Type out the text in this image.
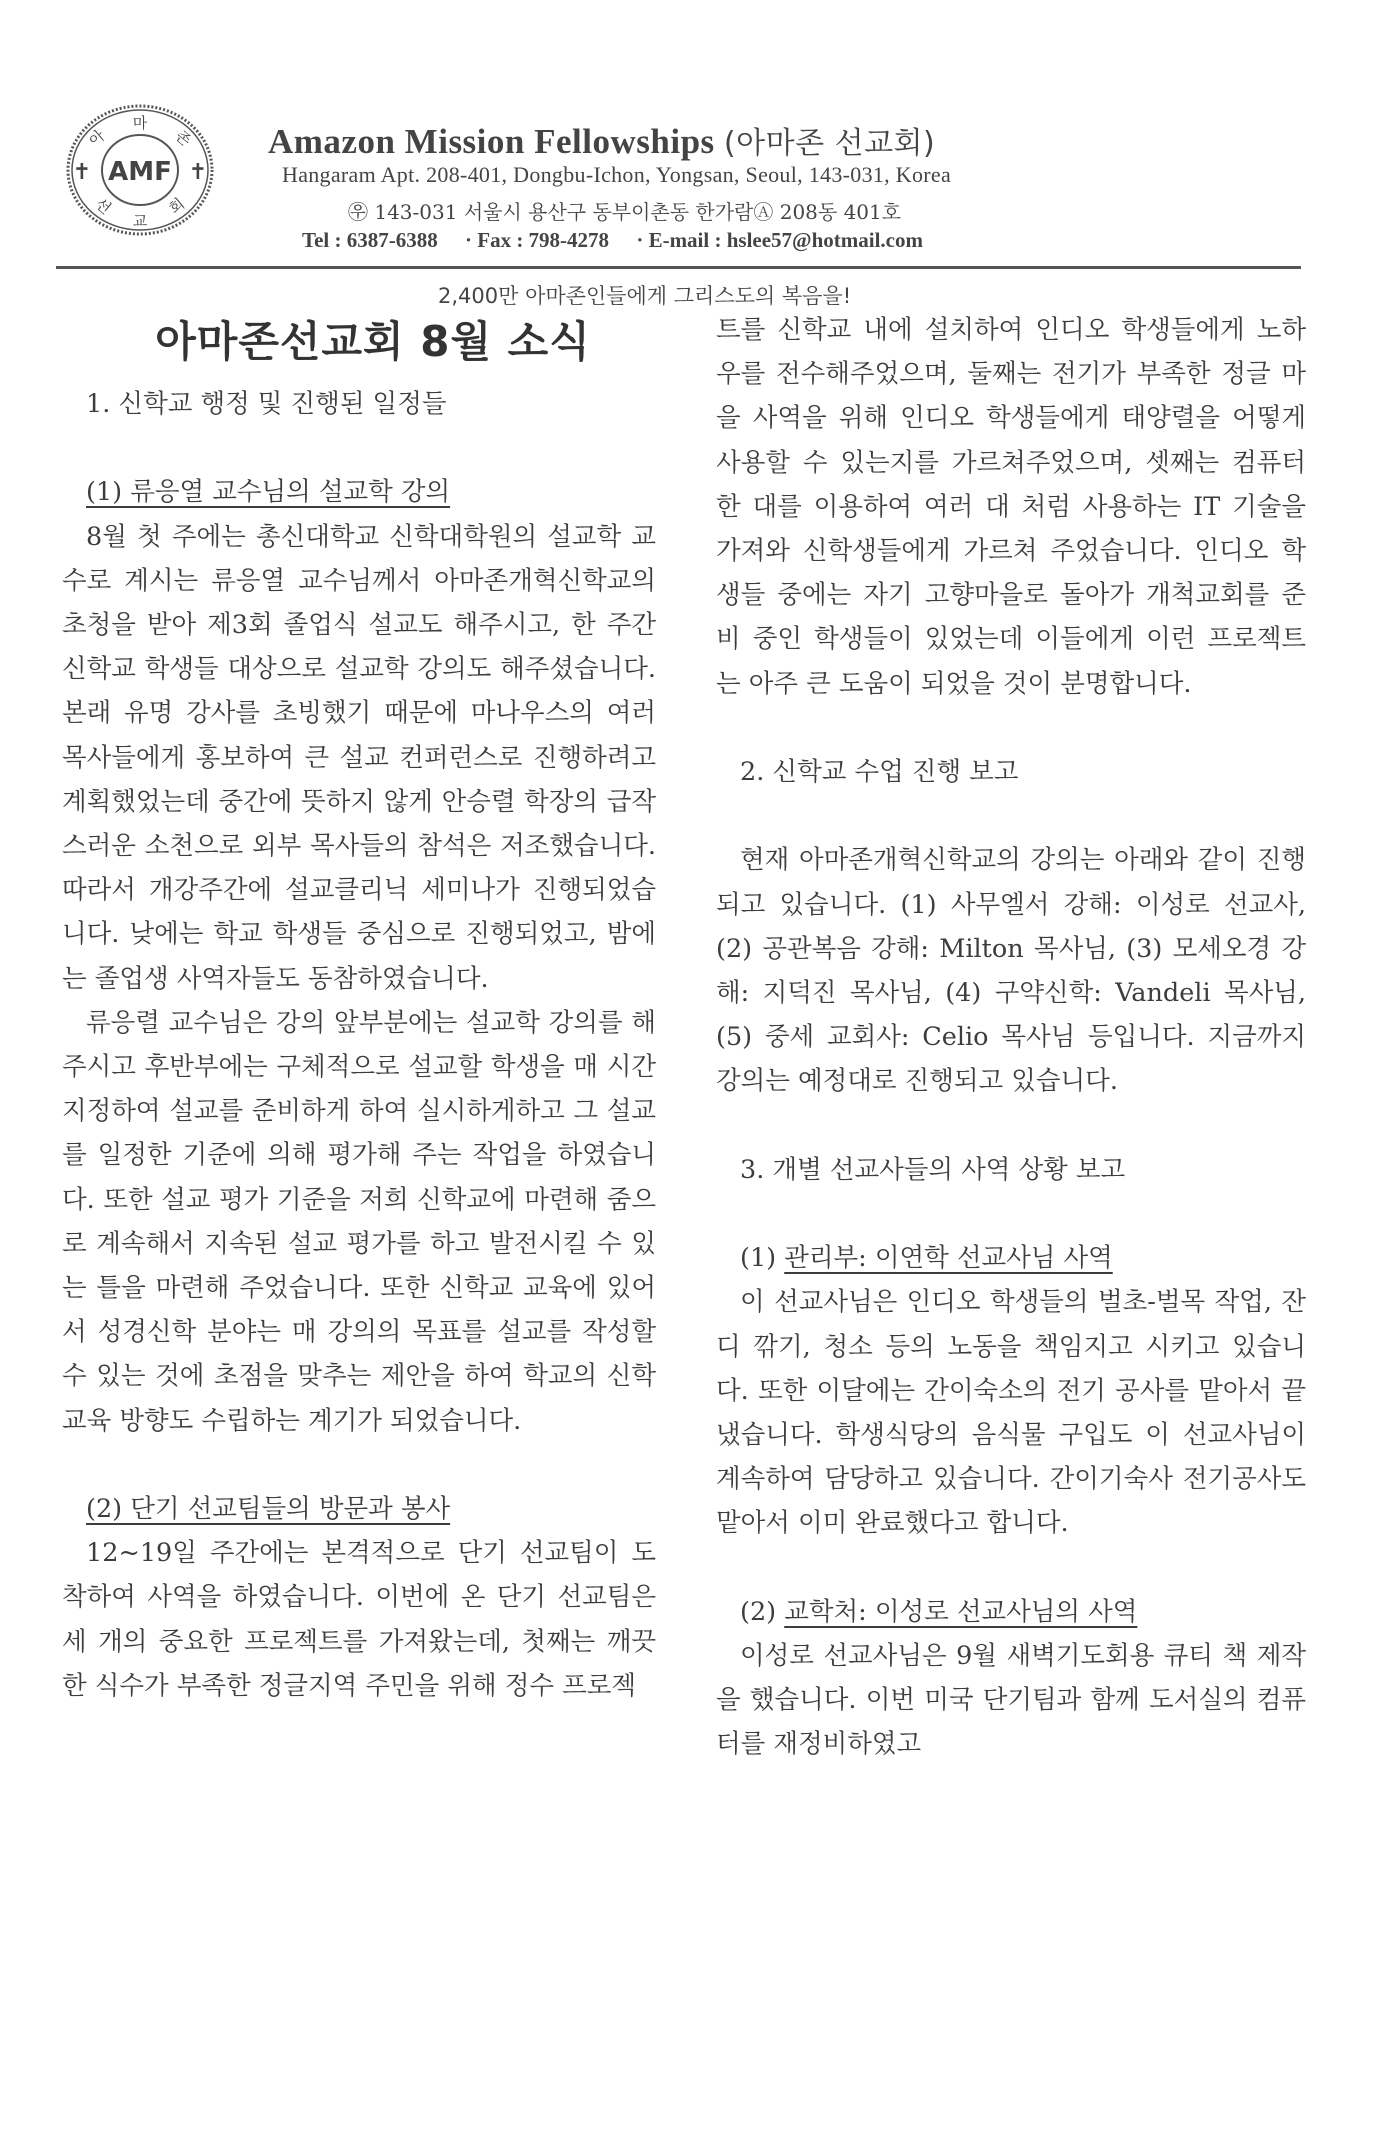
AMF
✝	✝
마
아	존
선
교
회
Amazon Mission Fellowships (아마존 선교회)
Hangaram Apt. 208-401, Dongbu-Ichon, Yongsan, Seoul, 143-031, Korea
㉾ 143-031 서울시 용산구 동부이촌동 한가람Ⓐ 208동 401호
Tel : 6387-6388 · Fax : 798-4278 · E-mail : hslee57@hotmail.com
2,400만 아마존인들에게 그리스도의 복음을!
아마존선교회 8월 소식
1. 신학교 행정 및 진행된 일정들
(1) 류응열 교수님의 설교학 강의

8월 첫 주에는 총신대학교 신학대학원의 설교학 교수로 계시는 류응열 교수님께서 아마존개혁신학교의 초청을 받아 제3회 졸업식 설교도 해주시고, 한 주간 신학교 학생들 대상으로 설교학 강의도 해주셨습니다. 본래 유명 강사를 초빙했기 때문에 마나우스의 여러 목사들에게 홍보하여 큰 설교 컨퍼런스로 진행하려고 계획했었는데 중간에 뜻하지 않게 안승렬 학장의 급작스러운 소천으로 외부 목사들의 참석은 저조했습니다. 따라서 개강주간에 설교클리닉 세미나가 진행되었습니다. 낮에는 학교 학생들 중심으로 진행되었고, 밤에는 졸업생 사역자들도 동참하였습니다.

류응렬 교수님은 강의 앞부분에는 설교학 강의를 해 주시고 후반부에는 구체적으로 설교할 학생을 매 시간 지정하여 설교를 준비하게 하여 실시하게하고 그 설교를 일정한 기준에 의해 평가해 주는 작업을 하였습니다. 또한 설교 평가 기준을 저희 신학교에 마련해 줌으로 계속해서 지속된 설교 평가를 하고 발전시킬 수 있는 틀을 마련해 주었습니다. 또한 신학교 교육에 있어서 성경신학 분야는 매 강의의 목표를 설교를 작성할 수 있는 것에 초점을 맞추는 제안을 하여 학교의 신학교육 방향도 수립하는 계기가 되었습니다.

(2) 단기 선교팀들의 방문과 봉사

12~19일 주간에는 본격적으로 단기 선교팀이 도착하여 사역을 하였습니다. 이번에 온 단기 선교팀은 세 개의 중요한 프로젝트를 가져왔는데, 첫째는 깨끗한 식수가 부족한 정글지역 주민을 위해 정수 프로젝

트를 신학교 내에 설치하여 인디오 학생들에게 노하우를 전수해주었으며, 둘째는 전기가 부족한 정글 마을 사역을 위해 인디오 학생들에게 태양렬을 어떻게 사용할 수 있는지를 가르쳐주었으며, 셋째는 컴퓨터 한 대를 이용하여 여러 대 처럼 사용하는 IT 기술을 가져와 신학생들에게 가르쳐 주었습니다. 인디오 학생들 중에는 자기 고향마을로 돌아가 개척교회를 준비 중인 학생들이 있었는데 이들에게 이런 프로젝트는 아주 큰 도움이 되었을 것이 분명합니다.

2. 신학교 수업 진행 보고

현재 아마존개혁신학교의 강의는 아래와 같이 진행되고 있습니다. (1) 사무엘서 강해: 이성로 선교사, (2) 공관복음 강해: Milton 목사님, (3) 모세오경 강해: 지덕진 목사님, (4) 구약신학: Vandeli 목사님, (5) 중세 교회사: Celio 목사님 등입니다. 지금까지 강의는 예정대로 진행되고 있습니다.

3. 개별 선교사들의 사역 상황 보고
(1) 관리부: 이연학 선교사님 사역

이 선교사님은 인디오 학생들의 벌초-벌목 작업, 잔디 깎기, 청소 등의 노동을 책임지고 시키고 있습니다. 또한 이달에는 간이숙소의 전기 공사를 맡아서 끝냈습니다. 학생식당의 음식물 구입도 이 선교사님이 계속하여 담당하고 있습니다. 간이기숙사 전기공사도 맡아서 이미 완료했다고 합니다.

(2) 교학처: 이성로 선교사님의 사역

이성로 선교사님은 9월 새벽기도회용 큐티 책 제작을 했습니다. 이번 미국 단기팀과 함께 도서실의 컴퓨터를 재정비하였고
